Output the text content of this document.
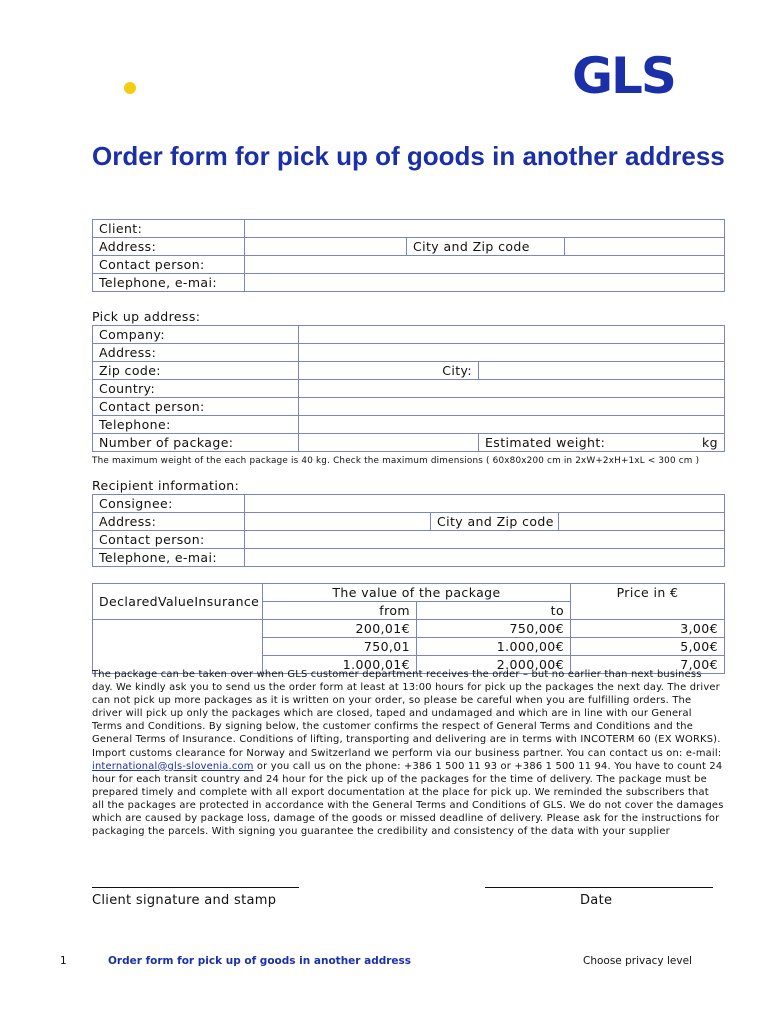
GLS
Order form for pick up of goods in another address
Client:			
Address:		City and Zip code	
Contact person:			
Telephone, e-mai:			
Pick up address:
Company:		
Address:		
Zip code:	City:	
Country:		
Contact person:		
Telephone:		
Number of package:		Estimated weight: kg
The maximum weight of the each package is 40 kg. Check the maximum dimensions ( 60x80x200 cm in 2xW+2xH+1xL < 300 cm )
Recipient information:
Consignee:			
Address:		City and Zip code	
Contact person:			
Telephone, e-mai:			
DeclaredValueInsurance	The value of the package		Price in €
	from	to	
	200,01€	750,00€	3,00€
	750,01	1.000,00€	5,00€
	1.000,01€	2.000,00€	7,00€

The package can be taken over when GLS customer department receives the order – but no earlier than next business day. We kindly ask you to send us the order form at least at 13:00 hours for pick up the packages the next day. The driver can not pick up more packages as it is written on your order, so please be careful when you are fulfilling orders. The driver will pick up only the packages which are closed, taped and undamaged and which are in line with our General Terms and Conditions. By signing below, the customer confirms the respect of General Terms and Conditions and the General Terms of Insurance. Conditions of lifting, transporting and delivering are in terms with INCOTERM 60 (EX WORKS). Import customs clearance for Norway and Switzerland we perform via our business partner. You can contact us on: e-mail: international@gls-slovenia.com or you call us on the phone: +386 1 500 11 93 or +386 1 500 11 94. You have to count 24 hour for each transit country and 24 hour for the pick up of the packages for the time of delivery. The package must be prepared timely and complete with all export documentation at the place for pick up. We reminded the subscribers that all the packages are protected in accordance with the General Terms and Conditions of GLS. We do not cover the damages which are caused by package loss, damage of the goods or missed deadline of delivery. Please ask for the instructions for packaging the parcels. With signing you guarantee the credibility and consistency of the data with your supplier

Client signature and stamp	Date
1	Order form for pick up of goods in another address	Choose privacy level
